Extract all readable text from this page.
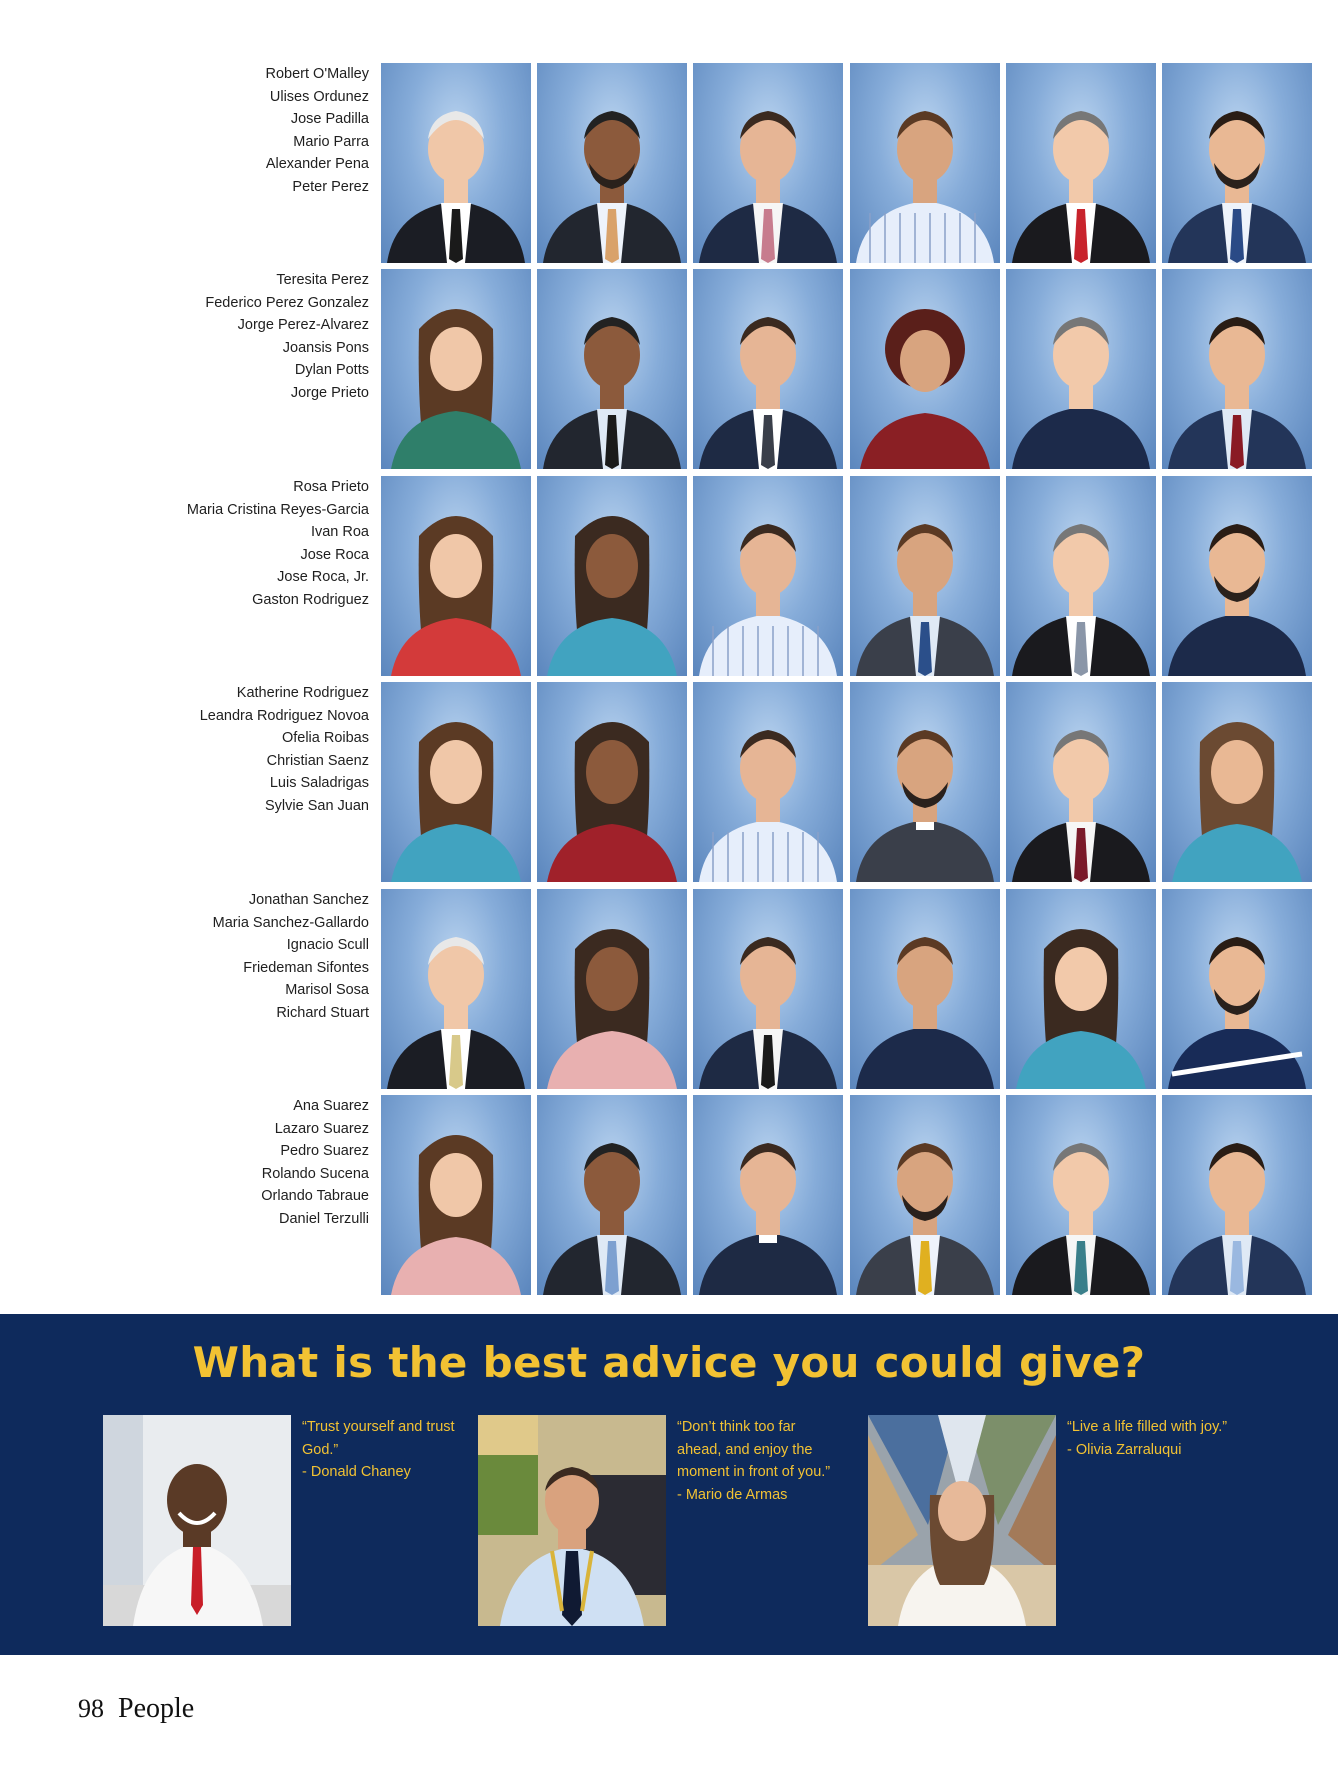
Robert O'Malley
Ulises Ordunez
Jose Padilla
Mario Parra
Alexander Pena
Peter Perez
Teresita Perez
Federico Perez Gonzalez
Jorge Perez-Alvarez
Joansis Pons
Dylan Potts
Jorge Prieto
Rosa Prieto
Maria Cristina Reyes-Garcia
Ivan Roa
Jose Roca
Jose Roca, Jr.
Gaston Rodriguez
Katherine Rodriguez
Leandra Rodriguez Novoa
Ofelia Roibas
Christian Saenz
Luis Saladrigas
Sylvie San Juan
Jonathan Sanchez
Maria Sanchez-Gallardo
Ignacio Scull
Friedeman Sifontes
Marisol Sosa
Richard Stuart
Ana Suarez
Lazaro Suarez
Pedro Suarez
Rolando Sucena
Orlando Tabraue
Daniel Terzulli
What is the best advice you could give?
“Trust yourself and trust
God.”
- Donald Chaney
“Don’t think too far
ahead, and enjoy the
moment in front of you.”
- Mario de Armas
“Live a life filled with joy.”
- Olivia Zarraluqui
98 People
